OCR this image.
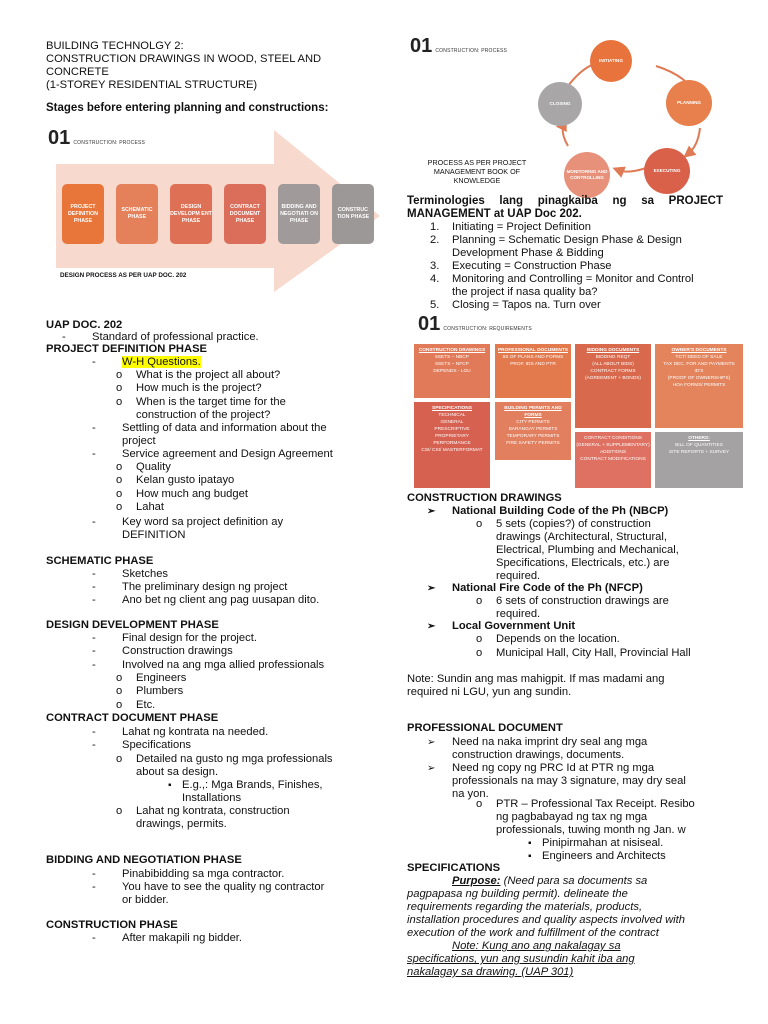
BUILDING TECHNOLGY 2:
CONSTRUCTION DRAWINGS IN WOOD, STEEL AND
CONCRETE
(1-STOREY RESIDENTIAL STRUCTURE)
Stages before entering planning and constructions:
01 CONSTRUCTION: PROCESS
PROJECT DEFINITION PHASE
SCHEMATIC PHASE
DESIGN DEVELOPM ENT PHASE
CONTRACT DOCUMENT PHASE
BIDDING AND NEGOTIATI ON PHASE
CONSTRUC TION PHASE
DESIGN PROCESS AS PER UAP DOC. 202
01 CONSTRUCTION: PROCESS
INITIATING
PLANNING
EXECUTING
MONITORING AND CONTROLLING
CLOSING
PROCESS AS PER PROJECT
MANAGEMENT BOOK OF
KNOWLEDGE
Terminologies lang pinagkaiba ng sa PROJECT
MANAGEMENT at UAP Doc 202.
1. Initiating = Project Definition
2. Planning = Schematic Design Phase & Design
Development Phase & Bidding
3. Executing = Construction Phase
4. Monitoring and Controlling = Monitor and Control
the project if nasa quality ba?
5. Closing = Tapos na. Turn over
01 CONSTRUCTION: REQUIREMENTS
CONSTRUCTION DRAWINGS
5SETS – NBCP
6SETS – NFCP
DEPENDS - LGU
PROFESSIONAL DOCUMENTS
5S OF PLANS AND FORMS
PROF. IDS AND PTR
BIDDING DOCUMENTS
BIDDING REQT
(ALL ABOUT BIDS)
CONTRACT FORMS
(AGREEMENT + BONDS)
OWNER'S DOCUMENTS
TCT/ DEED OF SALE
TAX DEC. FOR AND PAYMENTS
ID'S
(PROOF OF OWNERSHIPS)
HOA FORMS/ PERMITS
SPECIFICATIONS
TECHNICAL
GENERAL
PRESCRIPTIVE
PROPRIETARY
PERFORMANCE
CSI/ CSI/ MASTERFORMAT
BUILDING PERMITS AND FORMS
CITY PERMITS
BARANGAY PERMITS
TEMPORARY PERMITS
FIRE SAFETY PERMITS
CONTRACT CONDITIONS
(GENERAL + SUPPLEMENTARY)
ADDITIONS
CONTRACT MODIFICATIONS
OTHERS:
BILL OF QUANTITIES
SITE REPORTS + SURVEY
UAP DOC. 202
- Standard of professional practice.
PROJECT DEFINITION PHASE
- W-H Questions.
o What is the project all about?
o How much is the project?
o When is the target time for the
construction of the project?
- Settling of data and information about the
project
- Service agreement and Design Agreement
o Quality
o Kelan gusto ipatayo
o How much ang budget
o Lahat
- Key word sa project definition ay
DEFINITION
SCHEMATIC PHASE
- Sketches
- The preliminary design ng project
- Ano bet ng client ang pag uusapan dito.
DESIGN DEVELOPMENT PHASE
- Final design for the project.
- Construction drawings
- Involved na ang mga allied professionals
o Engineers
o Plumbers
o Etc.
CONTRACT DOCUMENT PHASE
- Lahat ng kontrata na needed.
- Specifications
o Detailed na gusto ng mga professionals
about sa design.
▪ E.g.,: Mga Brands, Finishes,
Installations
o Lahat ng kontrata, construction
drawings, permits.
BIDDING AND NEGOTIATION PHASE
- Pinabibidding sa mga contractor.
- You have to see the quality ng contractor
or bidder.
CONSTRUCTION PHASE
- After makapili ng bidder.
CONSTRUCTION DRAWINGS
➢ National Building Code of the Ph (NBCP)
o 5 sets (copies?) of construction
drawings (Architectural, Structural,
Electrical, Plumbing and Mechanical,
Specifications, Electricals, etc.) are
required.
➢ National Fire Code of the Ph (NFCP)
o 6 sets of construction drawings are
required.
➢ Local Government Unit
o Depends on the location.
o Municipal Hall, City Hall, Provincial Hall
Note: Sundin ang mas mahigpit. If mas madami ang
required ni LGU, yun ang sundin.
PROFESSIONAL DOCUMENT
➢ Need na naka imprint dry seal ang mga
construction drawings, documents.
➢ Need ng copy ng PRC Id at PTR ng mga
professionals na may 3 signature, may dry seal
na yon.
o PTR – Professional Tax Receipt. Resibo
ng pagbabayad ng tax ng mga
professionals, tuwing month ng Jan. w
▪ Pinipirmahan at nisiseal.
▪ Engineers and Architects
SPECIFICATIONS
Purpose: (Need para sa documents sa
pagpapasa ng building permit). delineate the
requirements regarding the materials, products,
installation procedures and quality aspects involved with
execution of the work and fulfillment of the contract
Note: Kung ano ang nakalagay sa
specifications, yun ang susundin kahit iba ang
nakalagay sa drawing. (UAP 301)
